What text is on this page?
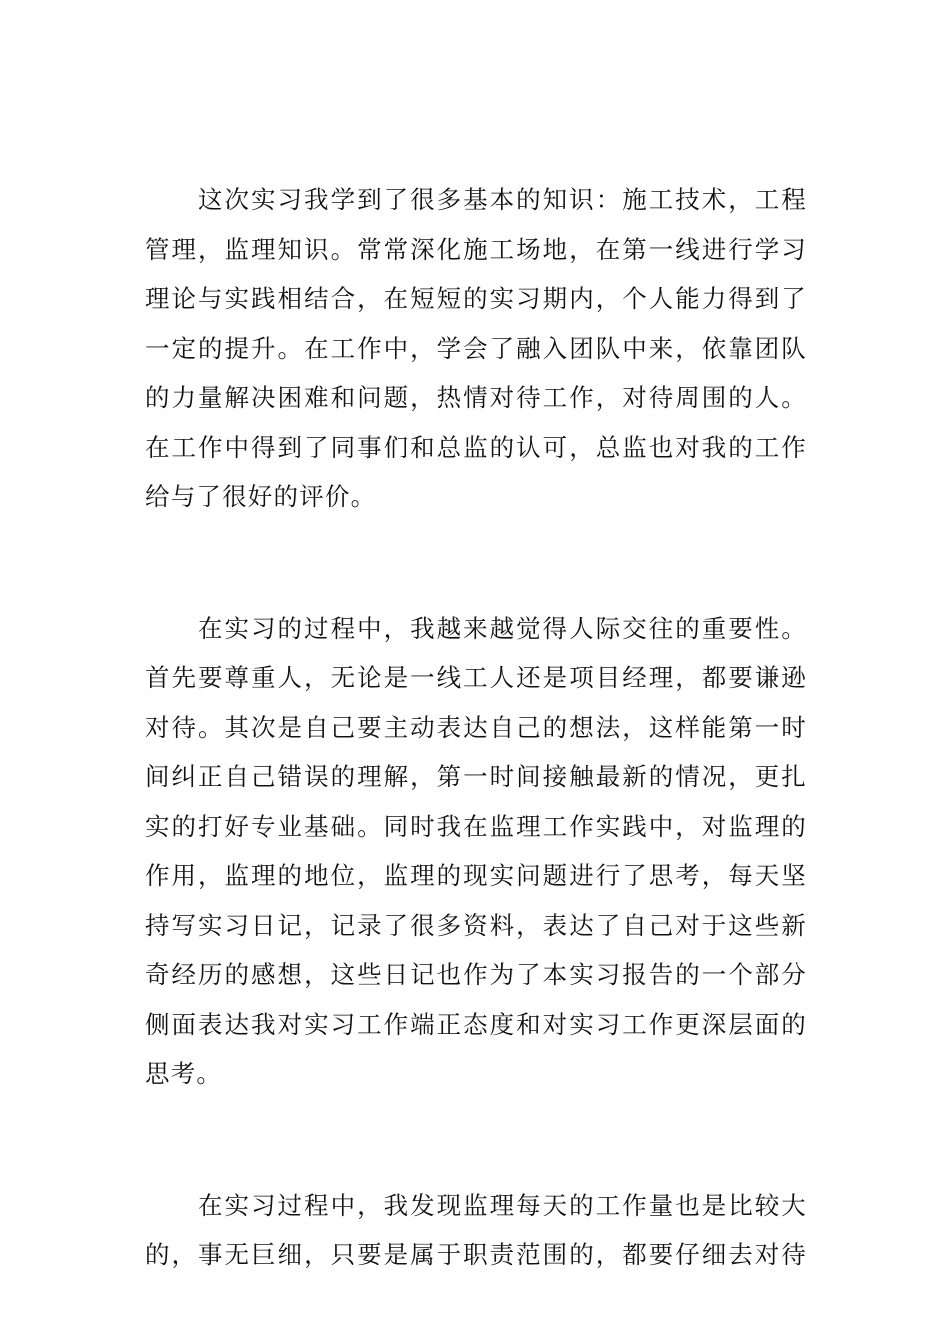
这次实习我学到了很多基本的知识：施工技术，工程
管理，监理知识。常常深化施工场地，在第一线进行学习
理论与实践相结合，在短短的实习期内，个人能力得到了
一定的提升。在工作中，学会了融入团队中来，依靠团队
的力量解决困难和问题，热情对待工作，对待周围的人。
在工作中得到了同事们和总监的认可，总监也对我的工作
给与了很好的评价。
在实习的过程中，我越来越觉得人际交往的重要性。
首先要尊重人，无论是一线工人还是项目经理，都要谦逊
对待。其次是自己要主动表达自己的想法，这样能第一时
间纠正自己错误的理解，第一时间接触最新的情况，更扎
实的打好专业基础。同时我在监理工作实践中，对监理的
作用，监理的地位，监理的现实问题进行了思考，每天坚
持写实习日记，记录了很多资料，表达了自己对于这些新
奇经历的感想，这些日记也作为了本实习报告的一个部分
侧面表达我对实习工作端正态度和对实习工作更深层面的
思考。
在实习过程中，我发现监理每天的工作量也是比较大
的，事无巨细，只要是属于职责范围的，都要仔细去对待
